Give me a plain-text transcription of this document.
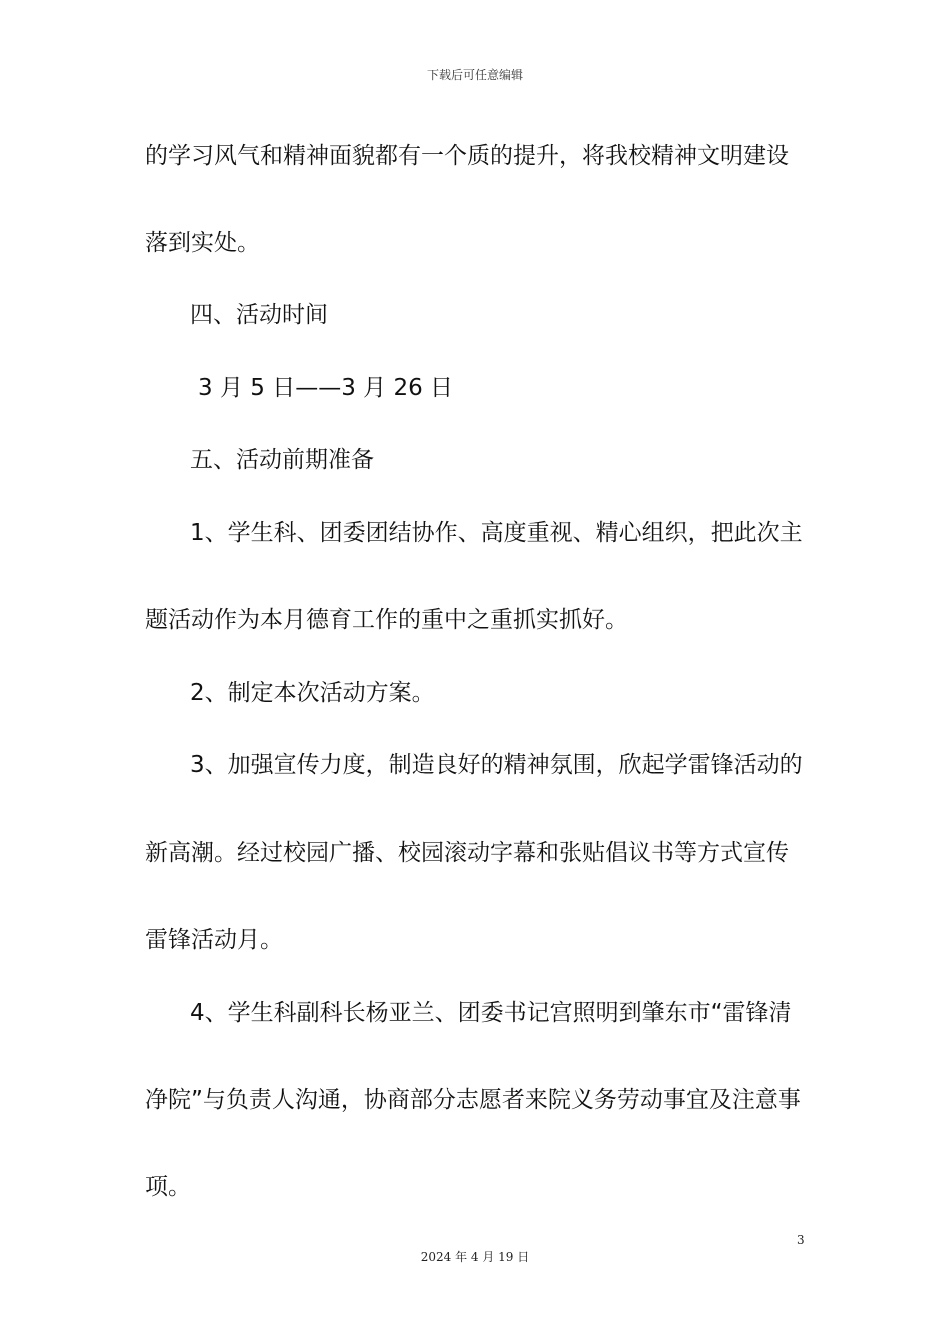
下载后可任意编辑
的学习风气和精神面貌都有一个质的提升，将我校精神文明建设
落到实处。
四、活动时间
3 月 5 日——3 月 26 日
五、活动前期准备
1、学生科、团委团结协作、高度重视、精心组织，把此次主
题活动作为本月德育工作的重中之重抓实抓好。
2、制定本次活动方案。
3、加强宣传力度，制造良好的精神氛围，欣起学雷锋活动的
新高潮。经过校园广播、校园滚动字幕和张贴倡议书等方式宣传
雷锋活动月。
4、学生科副科长杨亚兰、团委书记宫照明到肇东市“雷锋清
净院”与负责人沟通，协商部分志愿者来院义务劳动事宜及注意事
项。
3
2024 年 4 月 19 日
